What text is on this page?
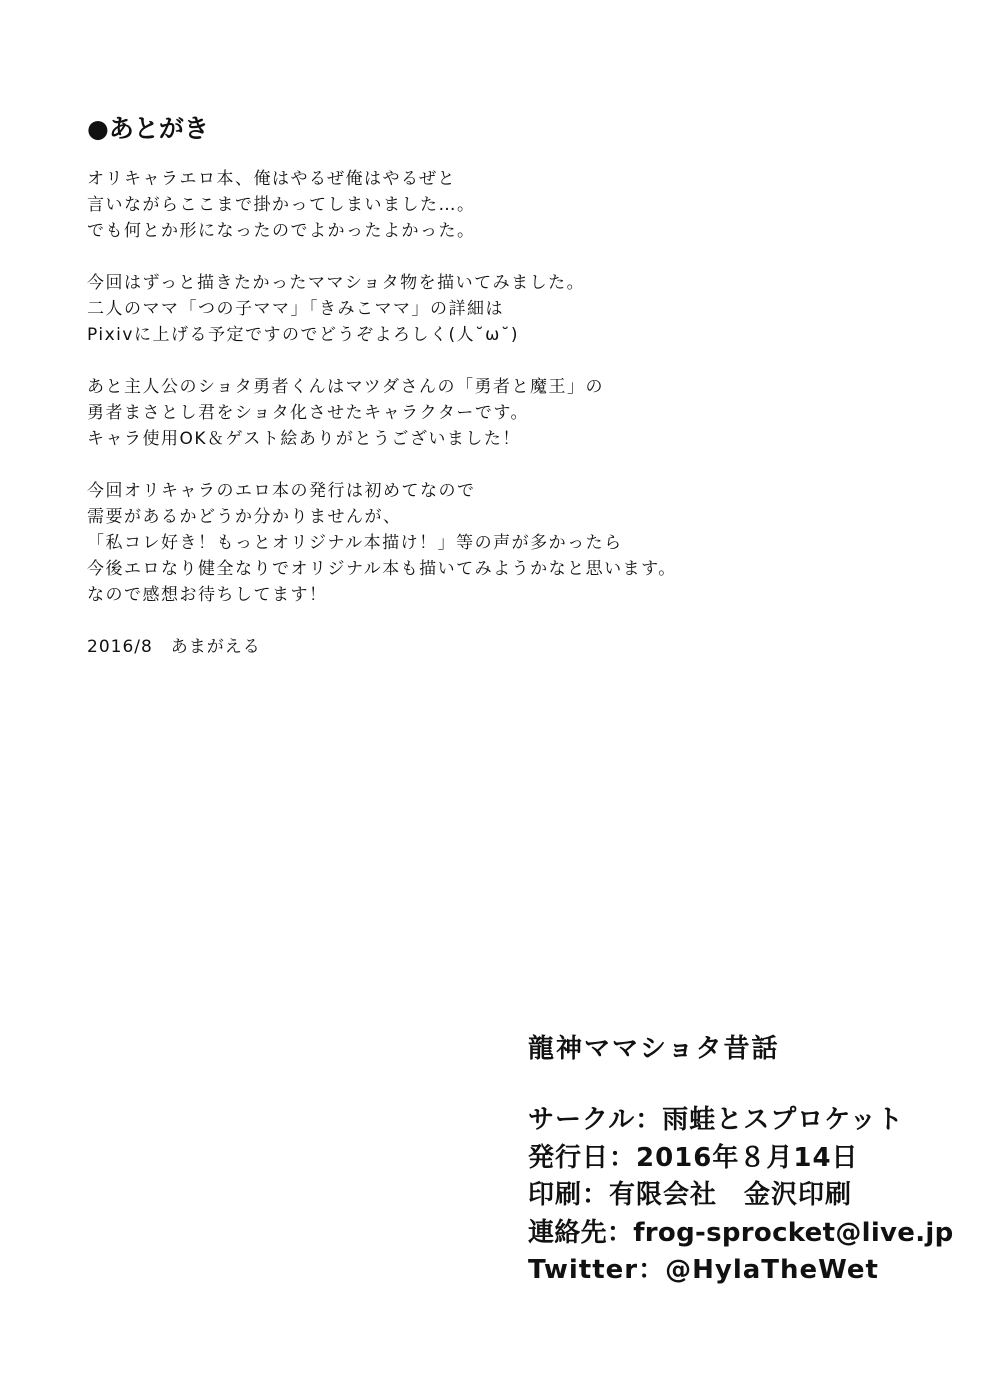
●あとがき
オリキャラエロ本、俺はやるぜ俺はやるぜと
言いながらここまで掛かってしまいました…。
でも何とか形になったのでよかったよかった。
今回はずっと描きたかったママショタ物を描いてみました。
二人のママ「つの子ママ」「きみこママ」の詳細は
Pixivに上げる予定ですのでどうぞよろしく(人˘ω˘)
あと主人公のショタ勇者くんはマツダさんの「勇者と魔王」の
勇者まさとし君をショタ化させたキャラクターです。
キャラ使用OK＆ゲスト絵ありがとうございました！
今回オリキャラのエロ本の発行は初めてなので
需要があるかどうか分かりませんが、
「私コレ好き！もっとオリジナル本描け！」等の声が多かったら
今後エロなり健全なりでオリジナル本も描いてみようかなと思います。
なので感想お待ちしてます！
2016/8　あまがえる
龍神ママショタ昔話
サークル：雨蛙とスプロケット
発行日：2016年８月14日
印刷：有限会社　金沢印刷
連絡先：frog-sprocket@live.jp
Twitter：@HylaTheWet
